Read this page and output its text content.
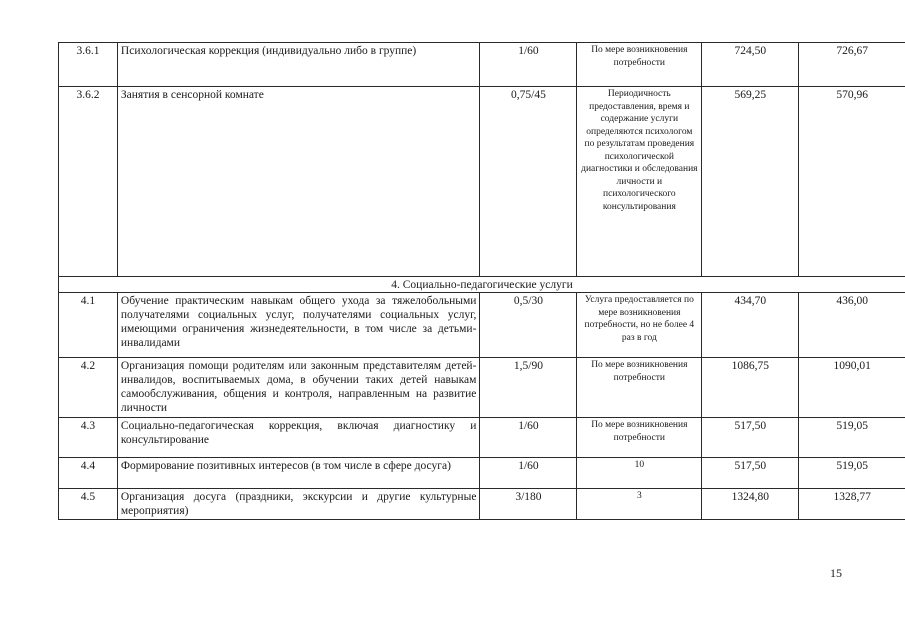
3.6.1	Психологическая коррекция (индивидуально либо в группе)	1/60	По мере возникновения потребности	724,50	726,67

3.6.2	Занятия в сенсорной комнате	0,75/45	Периодичность предоставления, время и содержание услуги определяются психологом по результатам проведения психологической диагностики и обследования личности и психологического консультирования	569,25	570,96

4. Социально-педагогические услуги					

4.1	Обучение практическим навыкам общего ухода за тяжелобольными получателями социальных услуг, получателями социальных услуг, имеющими ограничения жизнедеятельности, в том числе за детьми-инвалидами	0,5/30	Услуга предоставляется по мере возникновения потребности, но не более 4 раз в год	434,70	436,00

4.2	Организация помощи родителям или законным представителям детей-инвалидов, воспитываемых дома, в обучении таких детей навыкам самообслуживания, общения и контроля, направленным на развитие личности	1,5/90	По мере возникновения потребности	1086,75	1090,01

4.3	Социально-педагогическая коррекция, включая диагностику и консультирование	1/60	По мере возникновения потребности	517,50	519,05

4.4	Формирование позитивных интересов (в том числе в сфере досуга)	1/60	10	517,50	519,05

4.5	Организация досуга (праздники, экскурсии и другие культурные мероприятия)	3/180	3	1324,80	1328,77
15
